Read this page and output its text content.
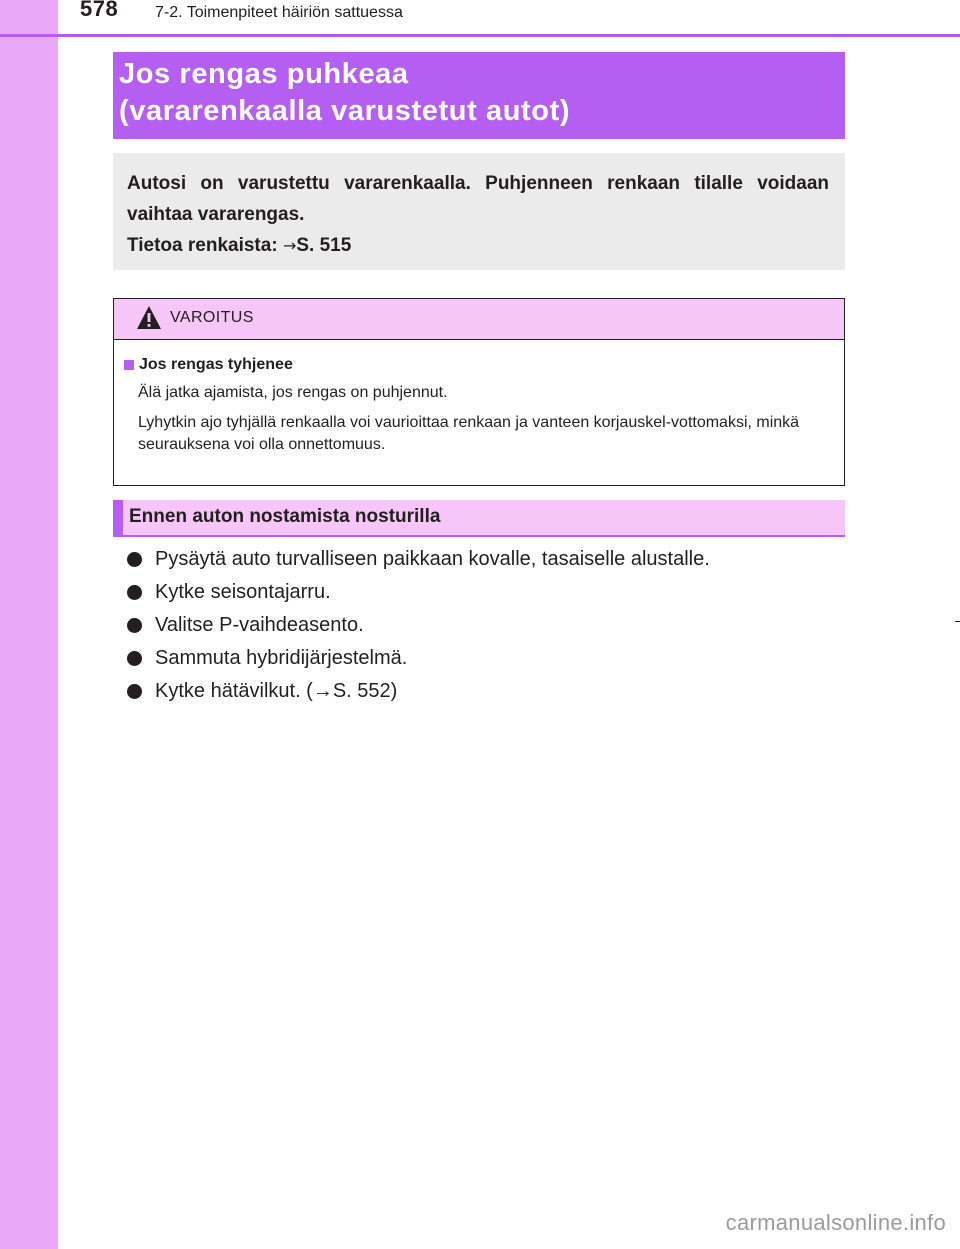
578 7-2. Toimenpiteet häiriön sattuessa
Jos rengas puhkeaa
(vararenkaalla varustetut autot)

Autosi on varustettu vararenkaalla. Puhjenneen renkaan tilalle voidaan vaihtaa vararengas.

Tietoa renkaista: →S. 515

VAROITUS
Jos rengas tyhjenee

Älä jatka ajamista, jos rengas on puhjennut.

Lyhytkin ajo tyhjällä renkaalla voi vaurioittaa renkaan ja vanteen korjauskel-vottomaksi, minkä seurauksena voi olla onnettomuus.

Ennen auton nostamista nosturilla
Pysäytä auto turvalliseen paikkaan kovalle, tasaiselle alustalle.
Kytke seisontajarru.
Valitse P-vaihdeasento.
Sammuta hybridijärjestelmä.
Kytke hätävilkut. (→S. 552)
carmanualsonline.info
